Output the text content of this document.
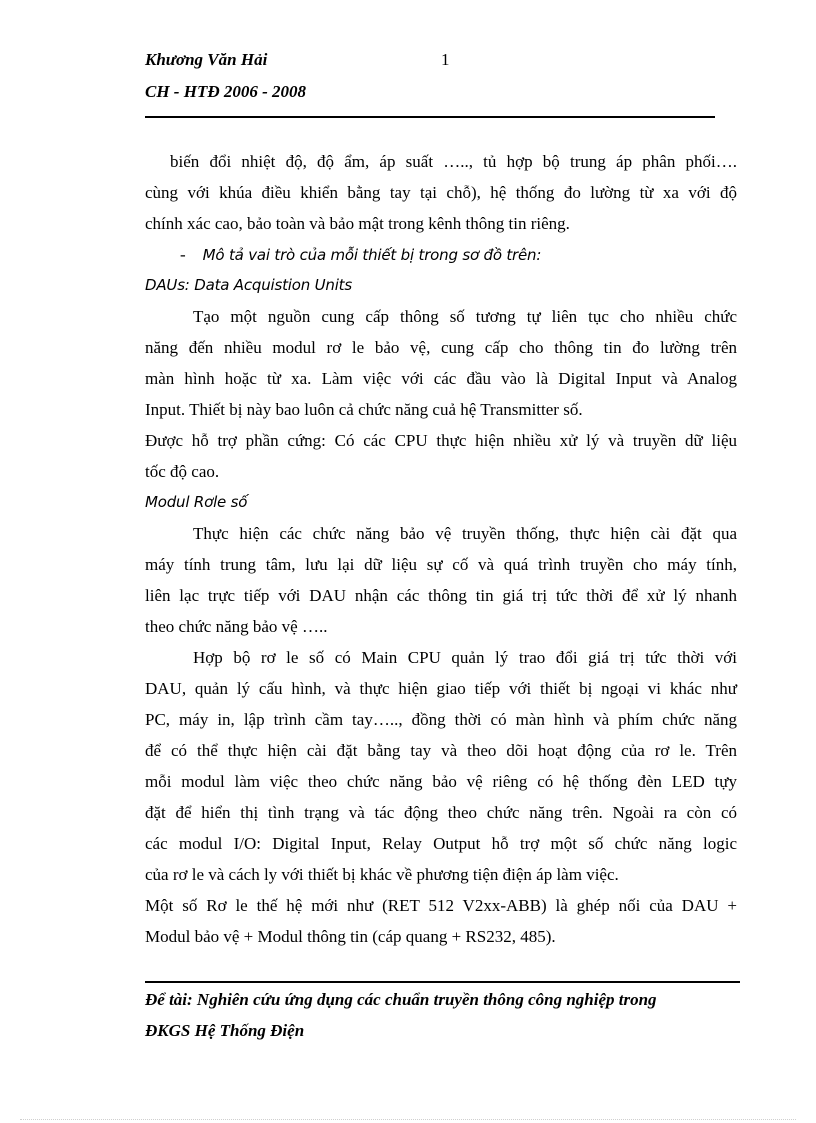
Khương Văn Hải	1
CH - HTĐ 2006 - 2008
biến đổi nhiệt độ, độ ẩm, áp suất ….., tủ hợp bộ trung áp phân phối….
cùng với khúa điều khiển bằng tay tại chỗ), hệ thống đo lường từ xa với độ
chính xác cao, bảo toàn và bảo mật trong kênh thông tin riêng.
- Mô tả vai trò của mỗi thiết bị trong sơ đồ trên:
DAUs: Data Acquistion Units
Tạo một nguồn cung cấp thông số tương tự liên tục cho nhiều chức
năng đến nhiều modul rơ le bảo vệ, cung cấp cho thông tin đo lường trên
màn hình hoặc từ xa. Làm việc với các đầu vào là Digital Input và Analog
Input. Thiết bị này bao luôn cả chức năng cuả hệ Transmitter số.
Được hỗ trợ phần cứng: Có các CPU thực hiện nhiều xử lý và truyền dữ liệu
tốc độ cao.
Modul Rơle số
Thực hiện các chức năng bảo vệ truyền thống, thực hiện cài đặt qua
máy tính trung tâm, lưu lại dữ liệu sự cố và quá trình truyền cho máy tính,
liên lạc trực tiếp với DAU nhận các thông tin giá trị tức thời để xử lý nhanh
theo chức năng bảo vệ …..
Hợp bộ rơ le số có Main CPU quản lý trao đổi giá trị tức thời với
DAU, quản lý cấu hình, và thực hiện giao tiếp với thiết bị ngoại vi khác như
PC, máy in, lập trình cầm tay….., đồng thời có màn hình và phím chức năng
để có thể thực hiện cài đặt bằng tay và theo dõi hoạt động của rơ le. Trên
mỗi modul làm việc theo chức năng bảo vệ riêng có hệ thống đèn LED tựy
đặt để hiển thị tình trạng và tác động theo chức năng trên. Ngoài ra còn có
các modul I/O: Digital Input, Relay Output hỗ trợ một số chức năng logic
của rơ le và cách ly với thiết bị khác về phương tiện điện áp làm việc.
Một số Rơ le thế hệ mới như (RET 512 V2xx-ABB) là ghép nối của DAU +
Modul bảo vệ + Modul thông tin (cáp quang + RS232, 485).
Để tài: Nghiên cứu ứng dụng các chuẩn truyền thông công nghiệp trong
ĐKGS Hệ Thống Điện
